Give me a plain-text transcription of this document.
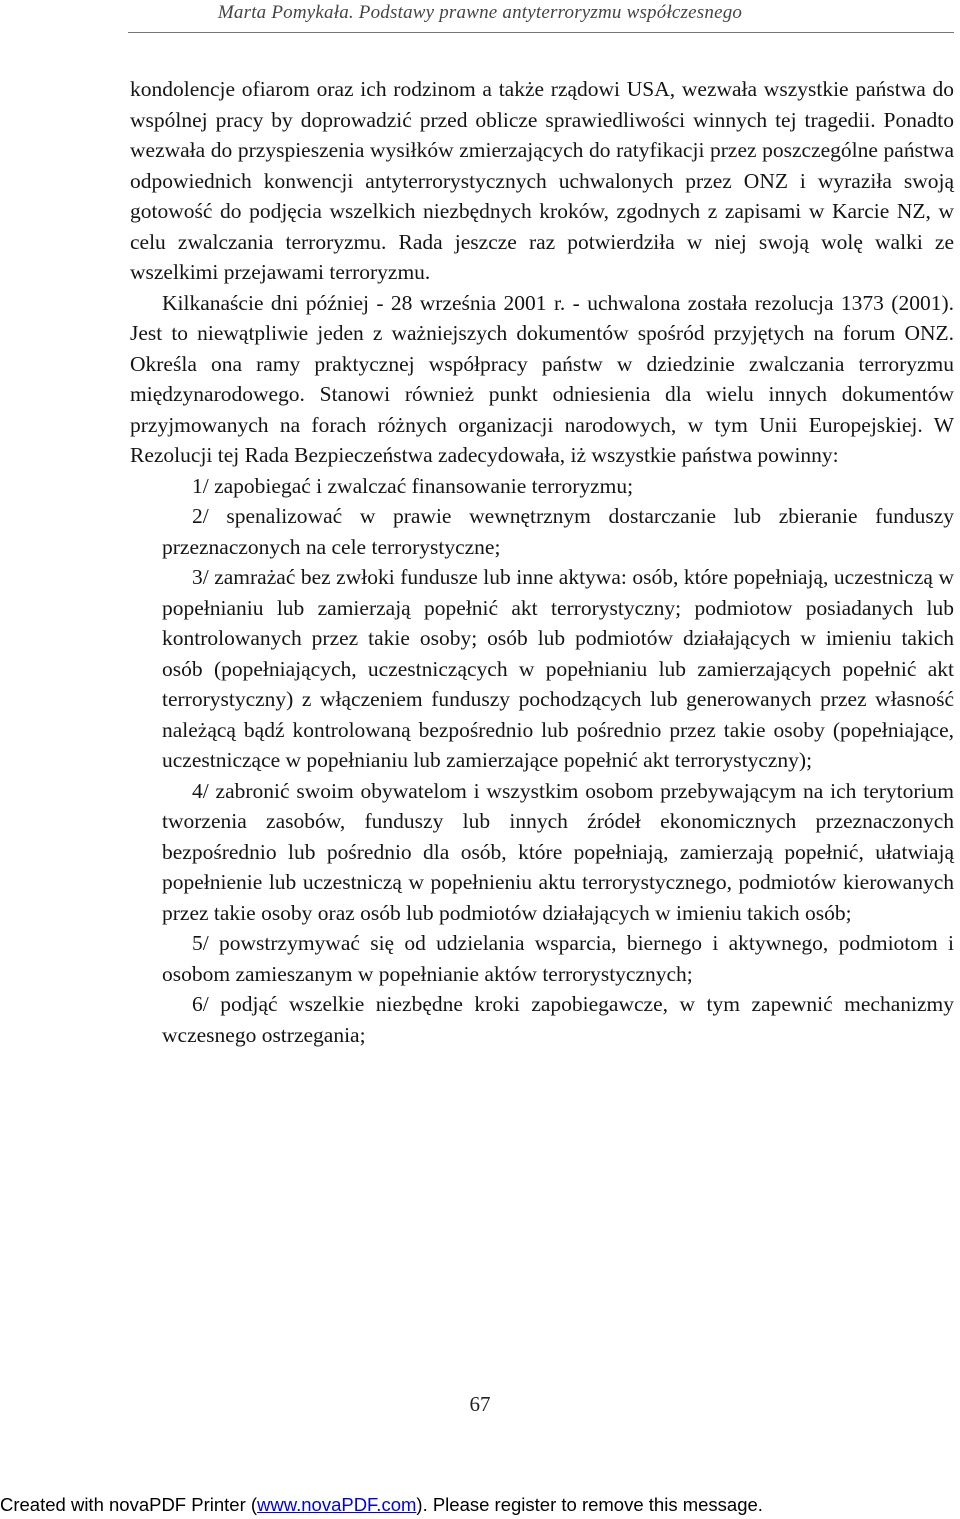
Marta Pomykała. Podstawy prawne antyterroryzmu współczesnego

kondolencje ofiarom oraz ich rodzinom a także rządowi USA, wezwała wszystkie państwa do wspólnej pracy by doprowadzić przed oblicze sprawiedliwości winnych tej tragedii. Ponadto wezwała do przyspieszenia wysiłków zmierzających do ratyfikacji przez poszczególne państwa odpowiednich konwencji antyterrorystycznych uchwalonych przez ONZ i wyraziła swoją gotowość do podjęcia wszelkich niezbędnych kroków, zgodnych z zapisami w Karcie NZ, w celu zwalczania terroryzmu. Rada jeszcze raz potwierdziła w niej swoją wolę walki ze wszelkimi przejawami terroryzmu.

Kilkanaście dni później - 28 września 2001 r. - uchwalona została rezolucja 1373 (2001). Jest to niewątpliwie jeden z ważniejszych dokumentów spośród przyjętych na forum ONZ. Określa ona ramy praktycznej współpracy państw w dziedzinie zwalczania terroryzmu międzynarodowego. Stanowi również punkt odniesienia dla wielu innych dokumentów przyjmowanych na forach różnych organizacji narodowych, w tym Unii Europejskiej. W Rezolucji tej Rada Bezpieczeństwa zadecydowała, iż wszystkie państwa powinny:

1/ zapobiegać i zwalczać finansowanie terroryzmu;

2/ spenalizować w prawie wewnętrznym dostarczanie lub zbieranie funduszy przeznaczonych na cele terrorystyczne;

3/ zamrażać bez zwłoki fundusze lub inne aktywa: osób, które popełniają, uczestniczą w popełnianiu lub zamierzają popełnić akt terrorystyczny; podmiotow posiadanych lub kontrolowanych przez takie osoby; osób lub podmiotów działających w imieniu takich osób (popełniających, uczestniczących w popełnianiu lub zamierzających popełnić akt terrorystyczny) z włączeniem funduszy pochodzących lub generowanych przez własność należącą bądź kontrolowaną bezpośrednio lub pośrednio przez takie osoby (popełniające, uczestniczące w popełnianiu lub zamierzające popełnić akt terrorystyczny);

4/ zabronić swoim obywatelom i wszystkim osobom przebywającym na ich terytorium tworzenia zasobów, funduszy lub innych źródeł ekonomicznych przeznaczonych bezpośrednio lub pośrednio dla osób, które popełniają, zamierzają popełnić, ułatwiają popełnienie lub uczestniczą w popełnieniu aktu terrorystycznego, podmiotów kierowanych przez takie osoby oraz osób lub podmiotów działających w imieniu takich osób;

5/ powstrzymywać się od udzielania wsparcia, biernego i aktywnego, podmiotom i osobom zamieszanym w popełnianie aktów terrorystycznych;

6/ podjąć wszelkie niezbędne kroki zapobiegawcze, w tym zapewnić mechanizmy wczesnego ostrzegania;

67
Created with novaPDF Printer (www.novaPDF.com). Please register to remove this message.
